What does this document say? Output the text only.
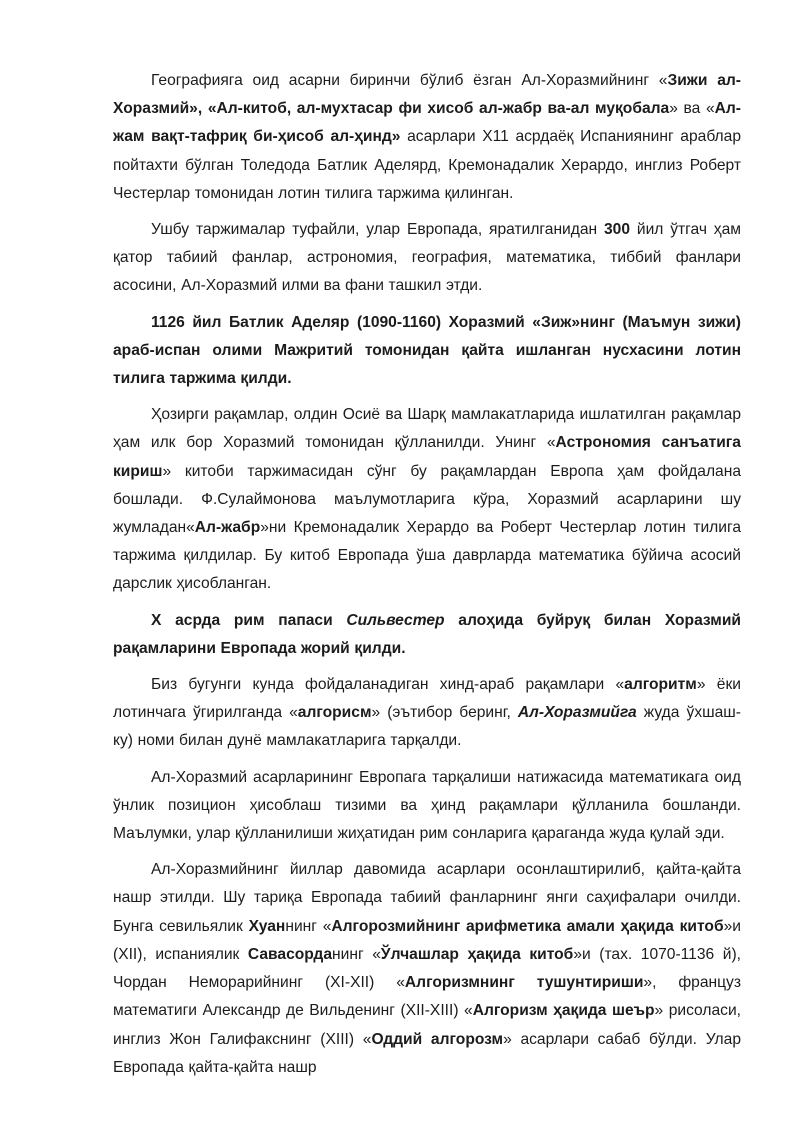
Географияга оид асарни биринчи бўлиб ёзган Ал-Хоразмийнинг «Зижи ал-Хоразмий», «Ал-китоб, ал-мухтасар фи хисоб ал-жабр ва-ал муқобала» ва «Ал-жам вақт-тафриқ би-ҳисоб ал-ҳинд» асарлари Х11 асрдаёқ Испаниянинг араблар пойтахти бўлган Толедода Батлик Аделярд, Кремонадалик Херардо, инглиз Роберт Честерлар томонидан лотин тилига таржима қилинган.

Ушбу таржималар туфайли, улар Европада, яратилганидан 300 йил ўтгач ҳам қатор табиий фанлар, астрономия, география, математика, тиббий фанлари асосини, Ал-Хоразмий илми ва фани ташкил этди.

1126 йил Батлик Аделяр (1090-1160) Хоразмий «Зиж»нинг (Маъмун зижи) араб-испан олими Мажритий томонидан қайта ишланган нусхасини лотин тилига таржима қилди.

Ҳозирги рақамлар, олдин Осиё ва Шарқ мамлакатларида ишлатилган рақамлар ҳам илк бор Хоразмий томонидан қўлланилди. Унинг «Астрономия санъатига кириш» китоби таржимасидан сўнг бу рақамлардан Европа ҳам фойдалана бошлади. Ф.Сулаймонова маълумотларига кўра, Хоразмий асарларини шу жумладан«Ал-жабр»ни Кремонадалик Херардо ва Роберт Честерлар лотин тилига таржима қилдилар. Бу китоб Европада ўша даврларда математика бўйича асосий дарслик ҳисобланган.

Х асрда рим папаси Сильвестер алоҳида буйруқ билан Хоразмий рақамларини Европада жорий қилди.

Биз бугунги кунда фойдаланадиган хинд-араб рақамлари «алгоритм» ёки лотинчага ўгирилганда «алгорисм» (эътибор беринг, Ал-Хоразмийга жуда ўхшаш-ку) номи билан дунё мамлакатларига тарқалди.

Ал-Хоразмий асарларининг Европага тарқалиши натижасида математикага оид ўнлик позицион ҳисоблаш тизими ва ҳинд рақамлари қўлланила бошланди. Маълумки, улар қўлланилиши жиҳатидан рим сонларига қараганда жуда қулай эди.

Ал-Хоразмийнинг йиллар давомида асарлари осонлаштирилиб, қайта-қайта нашр этилди. Шу тариқа Европада табиий фанларнинг янги саҳифалари очилди. Бунга севильялик Хуаннинг «Алгорозмийнинг арифметика амали ҳақида китоб»и (XII), испаниялик Савасорданинг «Ўлчашлар ҳақида китоб»и (тах. 1070-1136 й), Чордан Неморарийнинг (XI-XII) «Алгоризмнинг тушунтириши», француз математиги Александр де Вильденинг (XII-XIII) «Алгоризм ҳақида шеър» рисоласи, инглиз Жон Галифакснинг (XIII) «Оддий алгорозм» асарлари сабаб бўлди. Улар Европада қайта-қайта нашр
